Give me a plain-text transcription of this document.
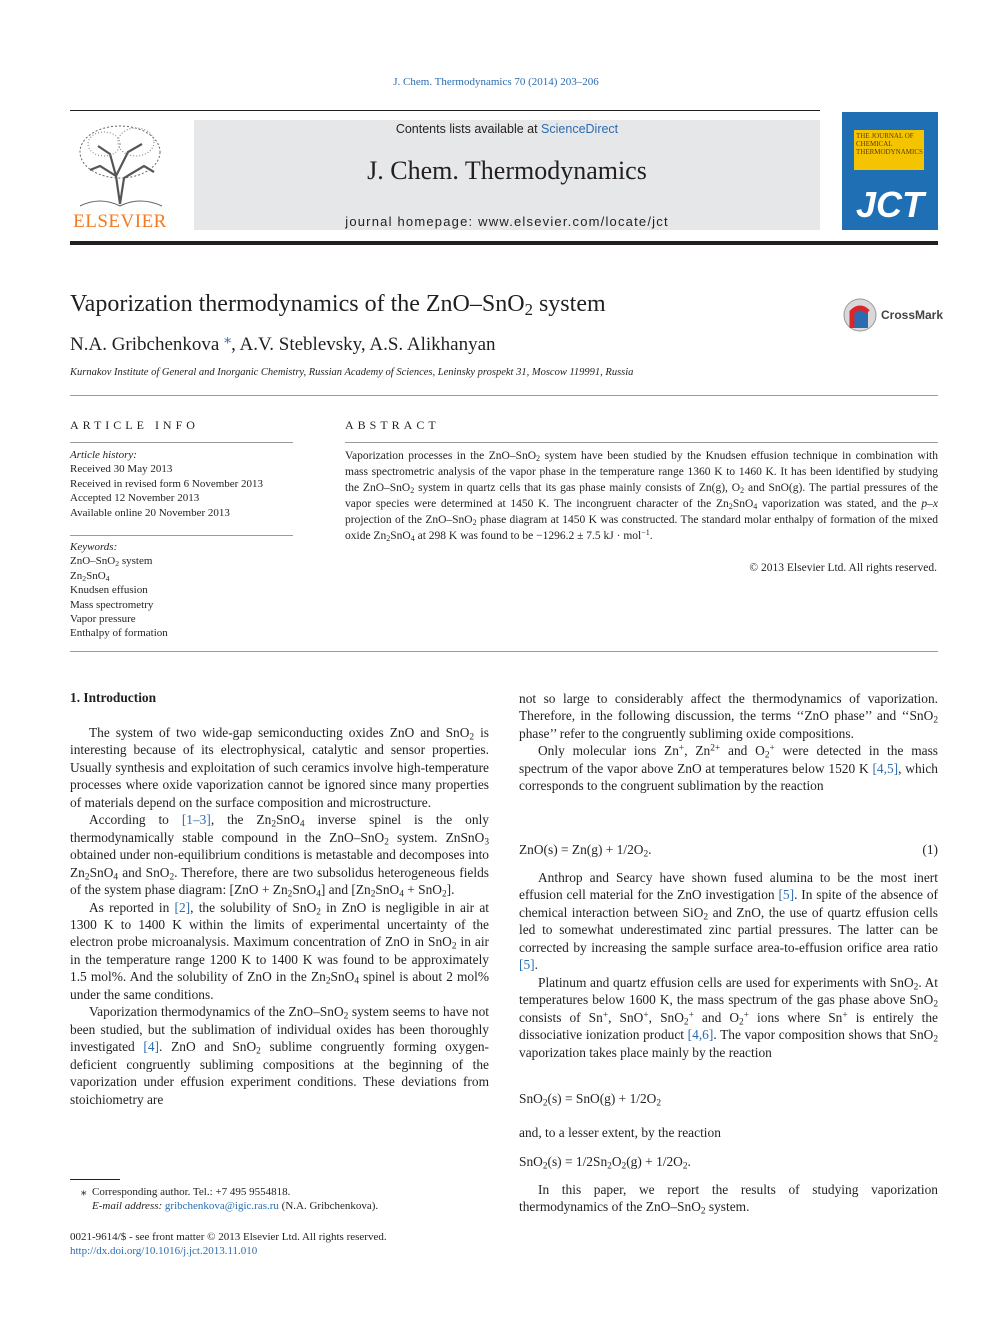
J. Chem. Thermodynamics 70 (2014) 203–206
ELSEVIER
Contents lists available at ScienceDirect
J. Chem. Thermodynamics
journal homepage: www.elsevier.com/locate/jct
THE JOURNAL OF CHEMICAL THERMODYNAMICS
JCT
Vaporization thermodynamics of the ZnO–SnO$_2$ system	CrossMark
N.A. Gribchenkova ⁎, A.V. Steblevsky, A.S. Alikhanyan
Kurnakov Institute of General and Inorganic Chemistry, Russian Academy of Sciences, Leninsky prospekt 31, Moscow 119991, Russia
ARTICLE INFO
Article history:
Received 30 May 2013
Received in revised form 6 November 2013
Accepted 12 November 2013
Available online 20 November 2013
Keywords:
ZnO–SnO$_2$ system
$Zn_2SnO_4$
Knudsen effusion
Mass spectrometry
Vapor pressure
Enthalpy of formation
ABSTRACT
Vaporization processes in the ZnO–SnO$_2$ system have been studied by the Knudsen effusion technique in combination with mass spectrometric analysis of the vapor phase in the temperature range 1360 K to 1460 K. It has been identified by studying the ZnO–SnO$_2$ system in quartz cells that its gas phase mainly consists of Zn(g), $O_2$ and SnO(g). The partial pressures of the vapor species were determined at 1450 K. The incongruent character of the $Zn_2SnO_4$ vaporization was stated, and the p–x projection of the ZnO–SnO$_2$ phase diagram at 1450 K was constructed. The standard molar enthalpy of formation of the mixed oxide $Zn_2SnO_4$ at 298 K was found to be −1296.2 ± 7.5 kJ · mol$^{-1}$.
© 2013 Elsevier Ltd. All rights reserved.
1. Introduction

The system of two wide-gap semiconducting oxides ZnO and SnO$_2$ is interesting because of its electrophysical, catalytic and sensor properties. Usually synthesis and exploitation of such ceramics involve high-temperature processes where oxide vaporization cannot be ignored since many properties of materials depend on the surface composition and microstructure.

According to [1–3], the $Zn_2SnO_4$ inverse spinel is the only thermodynamically stable compound in the ZnO–SnO$_2$ system. ZnSnO$_3$ obtained under non-equilibrium conditions is metastable and decomposes into $Zn_2SnO_4$ and SnO$_2$. Therefore, there are two subsolidus heterogeneous fields of the system phase diagram: $[ZnO + Zn_2SnO_4]$ and $[Zn_2SnO_4 + SnO_2]$.

As reported in [2], the solubility of SnO$_2$ in ZnO is negligible in air at 1300 K to 1400 K within the limits of experimental uncertainty of the electron probe microanalysis. Maximum concentration of ZnO in SnO$_2$ in air in the temperature range 1200 K to 1400 K was found to be approximately 1.5 mol%. And the solubility of ZnO in the $Zn_2SnO_4$ spinel is about 2 mol% under the same conditions.

Vaporization thermodynamics of the ZnO–SnO$_2$ system seems to have not been studied, but the sublimation of individual oxides has been thoroughly investigated [4]. ZnO and SnO$_2$ sublime congruently forming oxygen-deficient congruently subliming compositions at the beginning of the vaporization under effusion experiment conditions. These deviations from stoichiometry are

⁎  Corresponding author. Tel.: +7 495 9554818.
E-mail address: gribchenkova@igic.ras.ru (N.A. Gribchenkova).
0021-9614/$ - see front matter © 2013 Elsevier Ltd. All rights reserved.
http://dx.doi.org/10.1016/j.jct.2013.11.010

not so large to considerably affect the thermodynamics of vaporization. Therefore, in the following discussion, the terms ‘‘ZnO phase’’ and ‘‘SnO$_2$ phase’’ refer to the congruently subliming oxide compositions.

Only molecular ions Zn+, $Zn^{2+}$ and $O_2^+$ were detected in the mass spectrum of the vapor above ZnO at temperatures below 1520 K [4,5], which corresponds to the congruent sublimation by the reaction

$ZnO(s) = Zn(g) + 1/2O_2$.	(1)

Anthrop and Searcy have shown fused alumina to be the most inert effusion cell material for the ZnO investigation [5]. In spite of the absence of chemical interaction between SiO$_2$ and ZnO, the use of quartz effusion cells led to somewhat underestimated zinc partial pressures. The latter can be corrected by increasing the sample surface area-to-effusion orifice area ratio [5].

Platinum and quartz effusion cells are used for experiments with SnO$_2$. At temperatures below 1600 K, the mass spectrum of the gas phase above SnO$_2$ consists of Sn+, SnO+, SnO$_2$+ and $O_2^+$ ions where Sn+ is entirely the dissociative ionization product [4,6]. The vapor composition shows that SnO$_2$ vaporization takes place mainly by the reaction

$SnO_2(s) = SnO(g) + 1/2O_2$
and, to a lesser extent, by the reaction
$SnO_2(s) = 1/2Sn_2O_2(g) + 1/2O_2$.

In this paper, we report the results of studying vaporization thermodynamics of the ZnO–SnO$_2$ system.
